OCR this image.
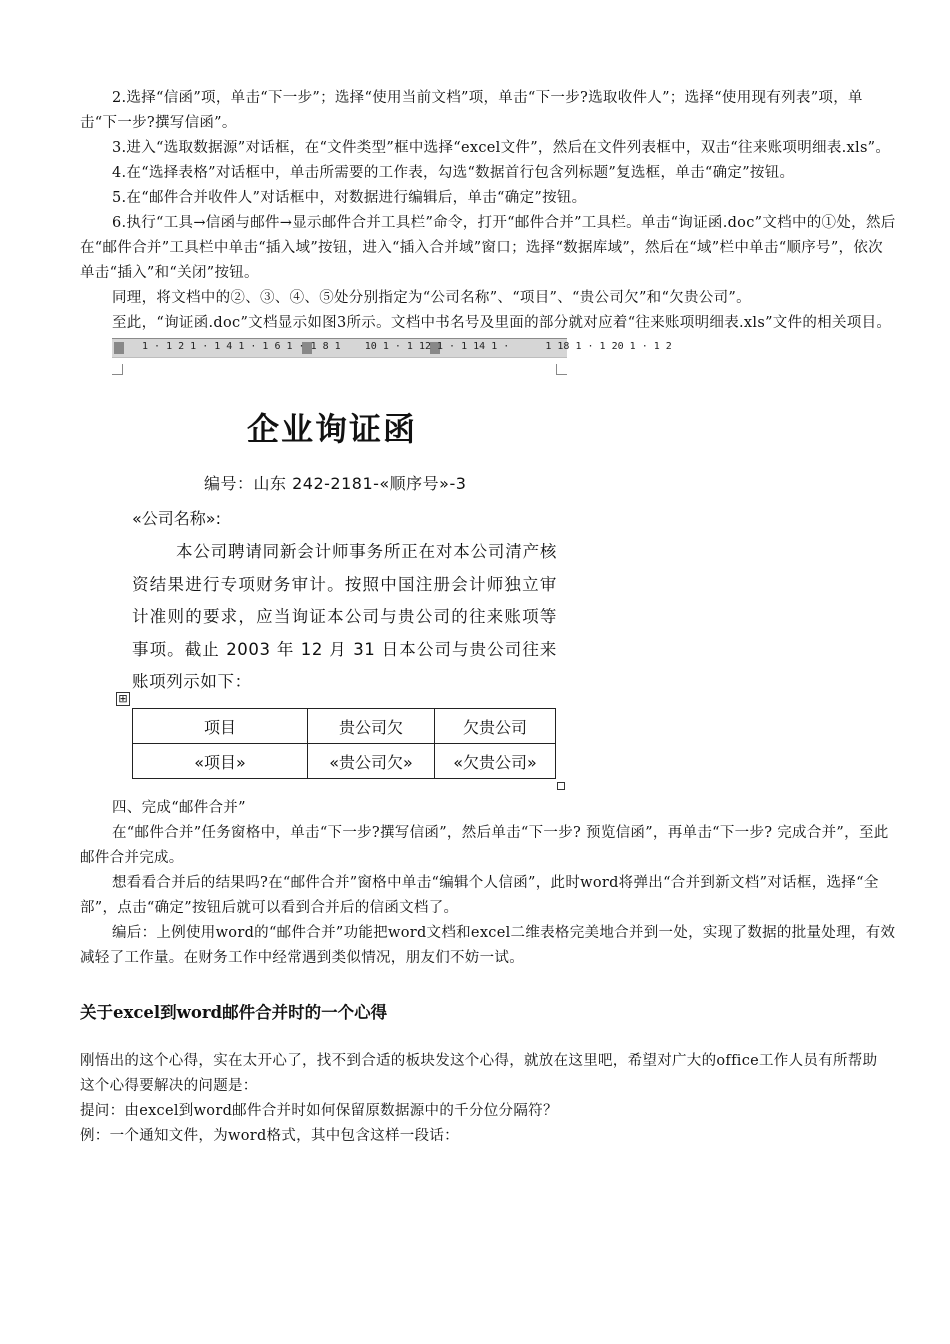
2.选择“信函”项，单击“下一步”；选择“使用当前文档”项，单击“下一步?选取收件人”；选择“使用现有列表”项，单击“下一步?撰写信函”。

3.进入“选取数据源”对话框，在“文件类型”框中选择“excel文件”，然后在文件列表框中，双击“往来账项明细表.xls”。

4.在“选择表格”对话框中，单击所需要的工作表，勾选“数据首行包含列标题”复选框，单击“确定”按钮。

5.在“邮件合并收件人”对话框中，对数据进行编辑后，单击“确定”按钮。

6.执行“工具→信函与邮件→显示邮件合并工具栏”命令，打开“邮件合并”工具栏。单击“询证函.doc”文档中的①处，然后在“邮件合并”工具栏中单击“插入域”按钮，进入“插入合并域”窗口；选择“数据库域”，然后在“域”栏中单击“顺序号”，依次单击“插入”和“关闭”按钮。

同理，将文档中的②、③、④、⑤处分别指定为“公司名称”、“项目”、“贵公司欠”和“欠贵公司”。

至此，“询证函.doc”文档显示如图3所示。文档中书名号及里面的部分就对应着“往来账项明细表.xls”文件的相关项目。

1 · 1 2 1 · 1 4 1 · 1 6 1 · 1 8 1    10 1 · 1 12 1 · 1 14 1 ·      1 18 1 · 1 20 1 · 1 2
企业询证函
编号：山东 242-2181-«顺序号»-3
«公司名称»:
本公司聘请同新会计师事务所正在对本公司清产核资结果进行专项财务审计。按照中国注册会计师独立审计准则的要求，应当询证本公司与贵公司的往来账项等事项。截止 2003 年 12 月 31 日本公司与贵公司往来账项列示如下：
⊞
项目	贵公司欠	欠贵公司
«项目»	«贵公司欠»	«欠贵公司»

四、完成“邮件合并”

在“邮件合并”任务窗格中，单击“下一步?撰写信函”，然后单击“下一步? 预览信函”，再单击“下一步? 完成合并”，至此邮件合并完成。

想看看合并后的结果吗?在“邮件合并”窗格中单击“编辑个人信函”，此时word将弹出“合并到新文档”对话框，选择“全部”，点击“确定”按钮后就可以看到合并后的信函文档了。

编后：上例使用word的“邮件合并”功能把word文档和excel二维表格完美地合并到一处，实现了数据的批量处理，有效减轻了工作量。在财务工作中经常遇到类似情况，朋友们不妨一试。

关于excel到word邮件合并时的一个心得

刚悟出的这个心得，实在太开心了，找不到合适的板块发这个心得，就放在这里吧，希望对广大的office工作人员有所帮助

这个心得要解决的问题是：

提问：由excel到word邮件合并时如何保留原数据源中的千分位分隔符？

例：一个通知文件，为word格式，其中包含这样一段话：
